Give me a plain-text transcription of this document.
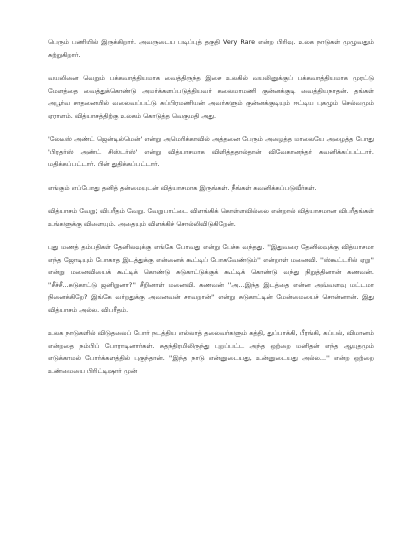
பெரும் பணியில் இருக்கிறார். அவருடைய படிப்புத் தகுதி Very Rare என்ற பிரிவு. உலக நாடுகள் முழுவதும் சுற்றுகிறார்.

வயலினை வெறும் பக்கவாத்தியமாக வைத்திருந்த இசை உலகில் வயலினுக்குப் பக்கவாத்தியமாக முரட்டு மேளத்தை வைத்துக்கொண்டு அமர்க்களப்படுத்தியவர் கலைமாமணி குன்னக்குடி வைத்தியநாதன். தங்கள் அபூர்வ சாதனையில் வலைவப்பட்டு சுப்பிரமணியன் அவர்களும் குன்னக்குடியும் ஈட்டிய புகழும் செல்வமும் ஏராளம். வித்யாசத்திற்கு உலகம் கொடுத்த வெகுமதி அது.

'லேடீஸ் அண்ட் ஜென்டில்மென்' என்று அமெரிக்காவில் அத்தனை பேரும் அழைத்த மாலையே அழைத்த போது 'பிரதர்ஸ் அண்ட் சிஸ்டர்ஸ்' என்று வித்யாசமாக விளித்ததால்தான் விவேகானந்தர் கவனிக்கப்பட்டார். மதிக்கப்பட்டார். பின் துதிக்கப்பட்டார்.

எங்கும் எப்போது தனித் தன்மையுடன் வித்யாசமாக இருங்கள். நீங்கள் கவனிக்கப்படுவீர்கள்.

வித்யாசம் வேறு; விபரீதம் வேறு. வேறுபாட்டை விளங்கிக் கொள்ளவில்லை என்றால் வித்யாசமான விபரீதங்கள் உங்களுக்கு விளையும். அதையும் விளக்கிச் சொல்லிவிடுகிறேன்.

புது மணத் தம்பதிகள் தேனிலவுக்கு எங்கே போவது என்று பேச்சு வந்தது. ''இதுவரை தேனிலவுக்கு வித்யாசமா எந்த ஜோடியும் போகாத இடத்துக்கு என்னைக் கூட்டிப் போகவேண்டும்'' என்றாள் மனைவி. ''ஸ்கூட்டரில் ஏறு'' என்று மனைவியைக் கூட்டிக் கொண்டு சுடுகாட்டுக்குக் கூட்டிக் கொண்டு வந்து நிறுத்தினான் கணவன். ''சீச்சீ...சுடுகாட்டு ஜனிறுனா?'' சீறினாள் மனைவி. கணவன் ''அ...இந்த இடத்தை என்ன அவ்வளவு மட்டமா நினைக்கிறே? இங்கே வர்றதுக்கு அவனவன் சாவறான்'' என்று சுடுகாட்டின் மேன்மையைச் சொன்னான். இது வித்யாசம் அல்ல. விபரீதம்.

உலக நாடுகளில் விடுதலைப் போர் நடத்திய எல்லாத் தலைவர்களும் கத்தி, துப்பாக்கி, பீரங்கி, கப்பல், விமானம் என்றதை நம்பிப் போராடினார்கள். சுதந்திரமிலிருந்து புறப்பட்ட அந்த ஒற்றை மனிதன் எந்த ஆயுதமும் எடுக்காமல் போர்க்களத்தில் புகுந்தான். ''இந்த நாடு என்னுடையது, உன்னுடையது அல்ல...'' என்ற ஒற்றை உண்மையை பிரிட்டிஷார் முன்
